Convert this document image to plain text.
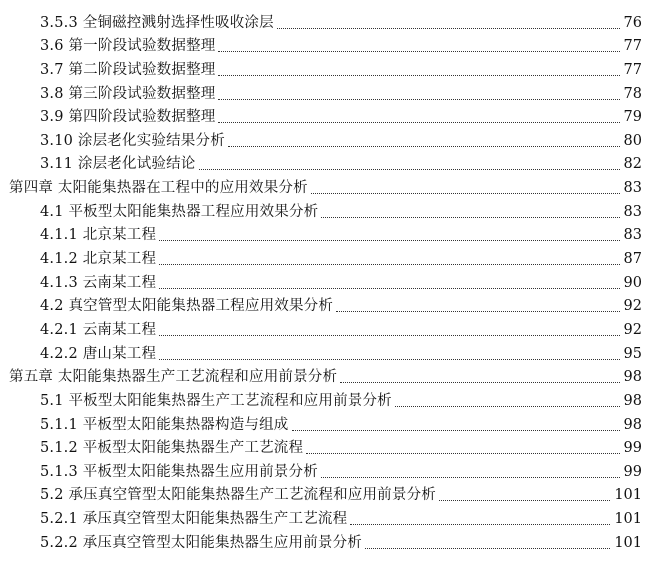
3.5.3 全铜磁控溅射选择性吸收涂层	76
3.6 第一阶段试验数据整理	77
3.7 第二阶段试验数据整理	77
3.8 第三阶段试验数据整理	78
3.9 第四阶段试验数据整理	79
3.10 涂层老化实验结果分析	80
3.11 涂层老化试验结论	82
第四章 太阳能集热器在工程中的应用效果分析	83
4.1 平板型太阳能集热器工程应用效果分析	83
4.1.1 北京某工程	83
4.1.2 北京某工程	87
4.1.3 云南某工程	90
4.2 真空管型太阳能集热器工程应用效果分析	92
4.2.1 云南某工程	92
4.2.2 唐山某工程	95
第五章 太阳能集热器生产工艺流程和应用前景分析	98
5.1 平板型太阳能集热器生产工艺流程和应用前景分析	98
5.1.1 平板型太阳能集热器构造与组成	98
5.1.2 平板型太阳能集热器生产工艺流程	99
5.1.3 平板型太阳能集热器生应用前景分析	99
5.2 承压真空管型太阳能集热器生产工艺流程和应用前景分析	101
5.2.1 承压真空管型太阳能集热器生产工艺流程	101
5.2.2 承压真空管型太阳能集热器生应用前景分析	101
